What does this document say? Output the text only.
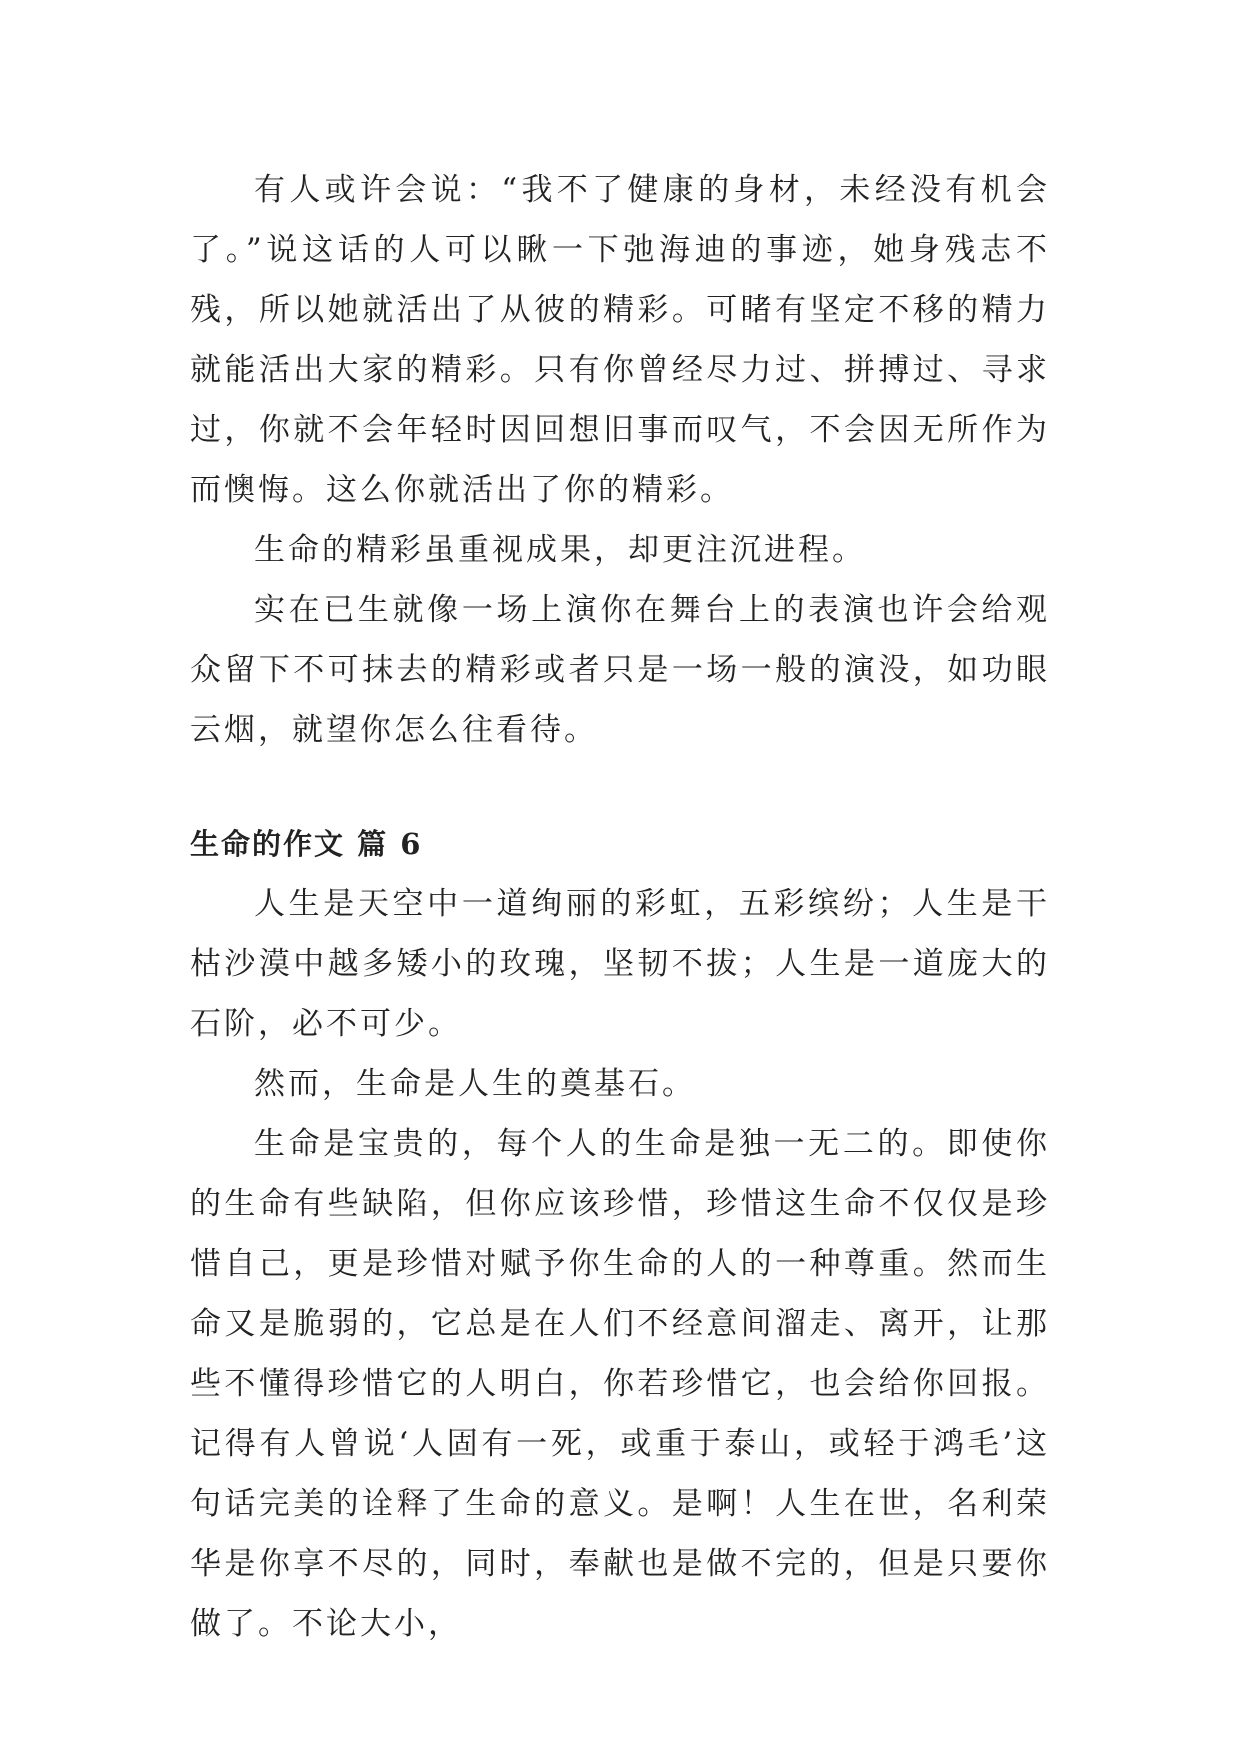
有人或许会说：“我不了健康的身材，未经没有机会了。”说这话的人可以瞅一下弛海迪的事迹，她身残志不残，所以她就活出了从彼的精彩。可睹有坚定不移的精力就能活出大家的精彩。只有你曾经尽力过、拼搏过、寻求过，你就不会年轻时因回想旧事而叹气，不会因无所作为而懊悔。这么你就活出了你的精彩。

生命的精彩虽重视成果，却更注沉进程。

实在已生就像一场上演你在舞台上的表演也许会给观众留下不可抹去的精彩或者只是一场一般的演没，如功眼云烟，就望你怎么往看待。

生命的作文 篇 6

人生是天空中一道绚丽的彩虹，五彩缤纷；人生是干枯沙漠中越多矮小的玫瑰，坚韧不拔；人生是一道庞大的石阶，必不可少。

然而，生命是人生的奠基石。

生命是宝贵的，每个人的生命是独一无二的。即使你的生命有些缺陷，但你应该珍惜，珍惜这生命不仅仅是珍惜自己，更是珍惜对赋予你生命的人的一种尊重。然而生命又是脆弱的，它总是在人们不经意间溜走、离开，让那些不懂得珍惜它的人明白，你若珍惜它，也会给你回报。记得有人曾说‘人固有一死，或重于泰山，或轻于鸿毛’这句话完美的诠释了生命的意义。是啊！人生在世，名利荣华是你享不尽的，同时，奉献也是做不完的，但是只要你做了。不论大小，
